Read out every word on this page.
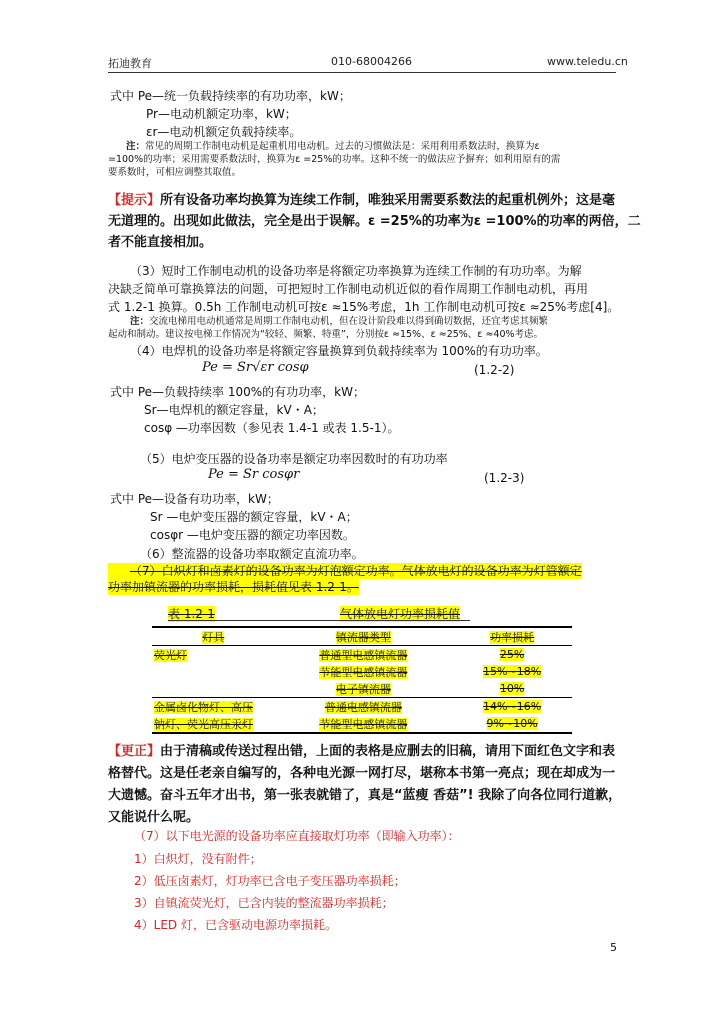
拓迪教育	010-68004266	www.teledu.cn
式中 Pe—统一负载持续率的有功功率，kW；
Pr—电动机额定功率，kW；
εr—电动机额定负载持续率。
注：常见的周期工作制电动机是起重机用电动机。过去的习惯做法是：采用利用系数法时，换算为ε
=100%的功率；采用需要系数法时，换算为ε =25%的功率。这种不统一的做法应予摒弃；如利用原有的需
要系数时，可相应调整其取值。
【提示】所有设备功率均换算为连续工作制，唯独采用需要系数法的起重机例外；这是毫
无道理的。出现如此做法，完全是出于误解。ε =25%的功率为ε =100%的功率的两倍，二
者不能直接相加。
（3）短时工作制电动机的设备功率是将额定功率换算为连续工作制的有功功率。为解
决缺乏简单可靠换算法的问题，可把短时工作制电动机近似的看作周期工作制电动机，再用
式 1.2-1 换算。0.5h 工作制电动机可按ε ≈15%考虑，1h 工作制电动机可按ε ≈25%考虑[4]。
注：交流电梯用电动机通常是周期工作制电动机，但在设计阶段难以得到确切数据，还宜考虑其频繁
起动和制动。建议按电梯工作情况为“较轻、频繁、特重”，分别按ε ≈15%、ε ≈25%、ε ≈40%考虑。
（4）电焊机的设备功率是将额定容量换算到负载持续率为 100%的有功功率。
Pe = Sr√εr cosφ	(1.2-2)
式中 Pe—负载持续率 100%的有功功率，kW；
Sr—电焊机的额定容量，kV・A；
cosφ —功率因数（参见表 1.4-1 或表 1.5-1）。
（5）电炉变压器的设备功率是额定功率因数时的有功功率
Pe = Sr cosφr	(1.2-3)
式中 Pe—设备有功功率，kW；
Sr —电炉变压器的额定容量，kV・A；
cosφr —电炉变压器的额定功率因数。
（6）整流器的设备功率取额定直流功率。
（7）白炽灯和卤素灯的设备功率为灯泡额定功率。气体放电灯的设备功率为灯管额定
功率加镇流器的功率损耗，损耗值见表 1.2-1。
表 1.2-1	气体放电灯功率损耗值
灯具	镇流器类型	功率损耗
荧光灯	普通型电感镇流器	25%
	节能型电感镇流器	15%~18%
	电子镇流器	10%
金属卤化物灯、高压	普通电感镇流器	14%~16%
钠灯、荧光高压汞灯	节能型电感镇流器	9%~10%
【更正】由于清稿或传送过程出错，上面的表格是应删去的旧稿，请用下面红色文字和表
格替代。这是任老亲自编写的，各种电光源一网打尽，堪称本书第一亮点；现在却成为一
大遗憾。奋斗五年才出书，第一张表就错了，真是“蓝瘦 香菇”! 我除了向各位同行道歉，
又能说什么呢。
（7）以下电光源的设备功率应直接取灯功率（即输入功率）：
1）白炽灯，没有附件；
2）低压卤素灯，灯功率已含电子变压器功率损耗；
3）自镇流荧光灯，已含内装的整流器功率损耗；
4）LED 灯，已含驱动电源功率损耗。
5
